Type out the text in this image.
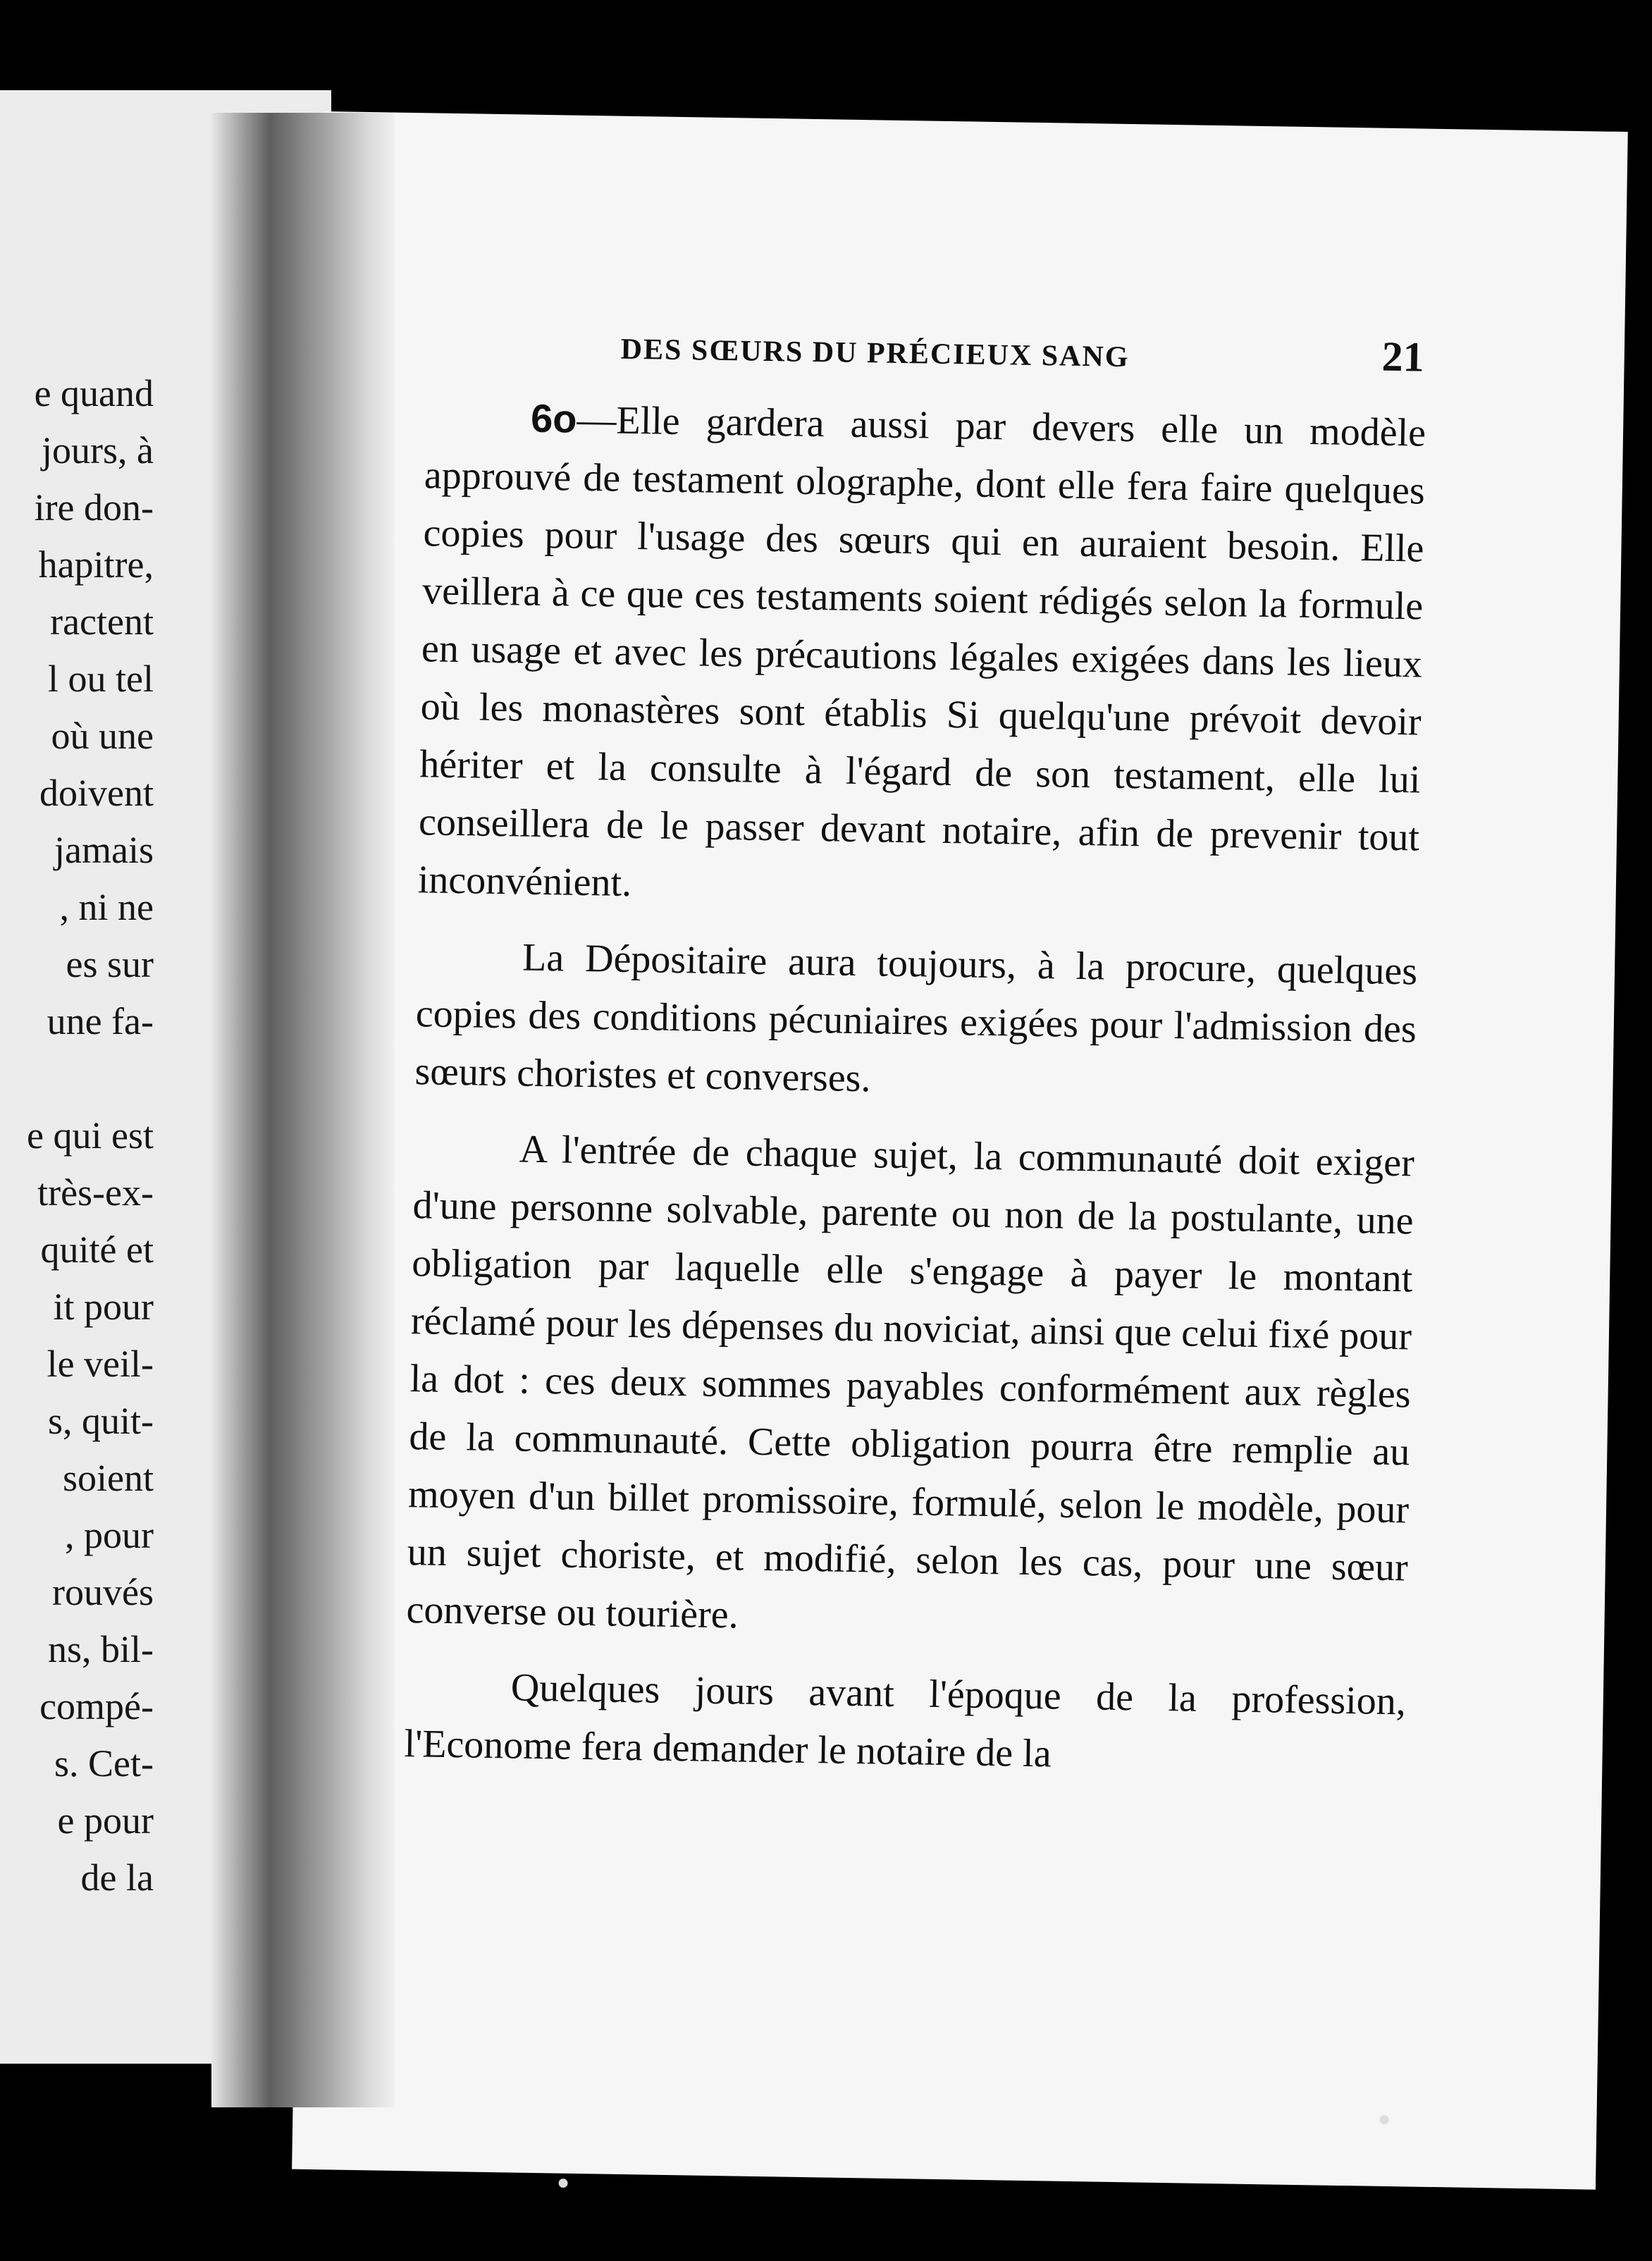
e quand
jours, à
ire don-
hapitre,
ractent
l ou tel
où une
doivent
jamais
, ni ne
es sur
une fa-

e qui est
très-ex-
quité et
it pour
le veil-
s, quit-
soient
, pour
rouvés
ns, bil-
compé-
s. Cet-
e pour
de la
DES SŒURS DU PRÉCIEUX SANG	21

6o—Elle gardera aussi par devers elle un modèle approuvé de testament olographe, dont elle fera faire quelques copies pour l'usage des sœurs qui en auraient besoin. Elle veillera à ce que ces testaments soient rédigés selon la formule en usage et avec les précautions légales exigées dans les lieux où les monastères sont établis Si quelqu'une prévoit devoir hériter et la consulte à l'égard de son testament, elle lui conseillera de le passer devant notaire, afin de prevenir tout inconvénient.

La Dépositaire aura toujours, à la procure, quelques copies des conditions pécuniaires exigées pour l'admission des sœurs choristes et converses.

A l'entrée de chaque sujet, la communauté doit exiger d'une personne solvable, parente ou non de la postulante, une obligation par laquelle elle s'engage à payer le montant réclamé pour les dépenses du noviciat, ainsi que celui fixé pour la dot : ces deux sommes payables conformément aux règles de la communauté. Cette obligation pourra être remplie au moyen d'un billet promissoire, formulé, selon le modèle, pour un sujet choriste, et modifié, selon les cas, pour une sœur converse ou tourière.

Quelques jours avant l'époque de la profession, l'Econome fera demander le notaire de la

●
●
